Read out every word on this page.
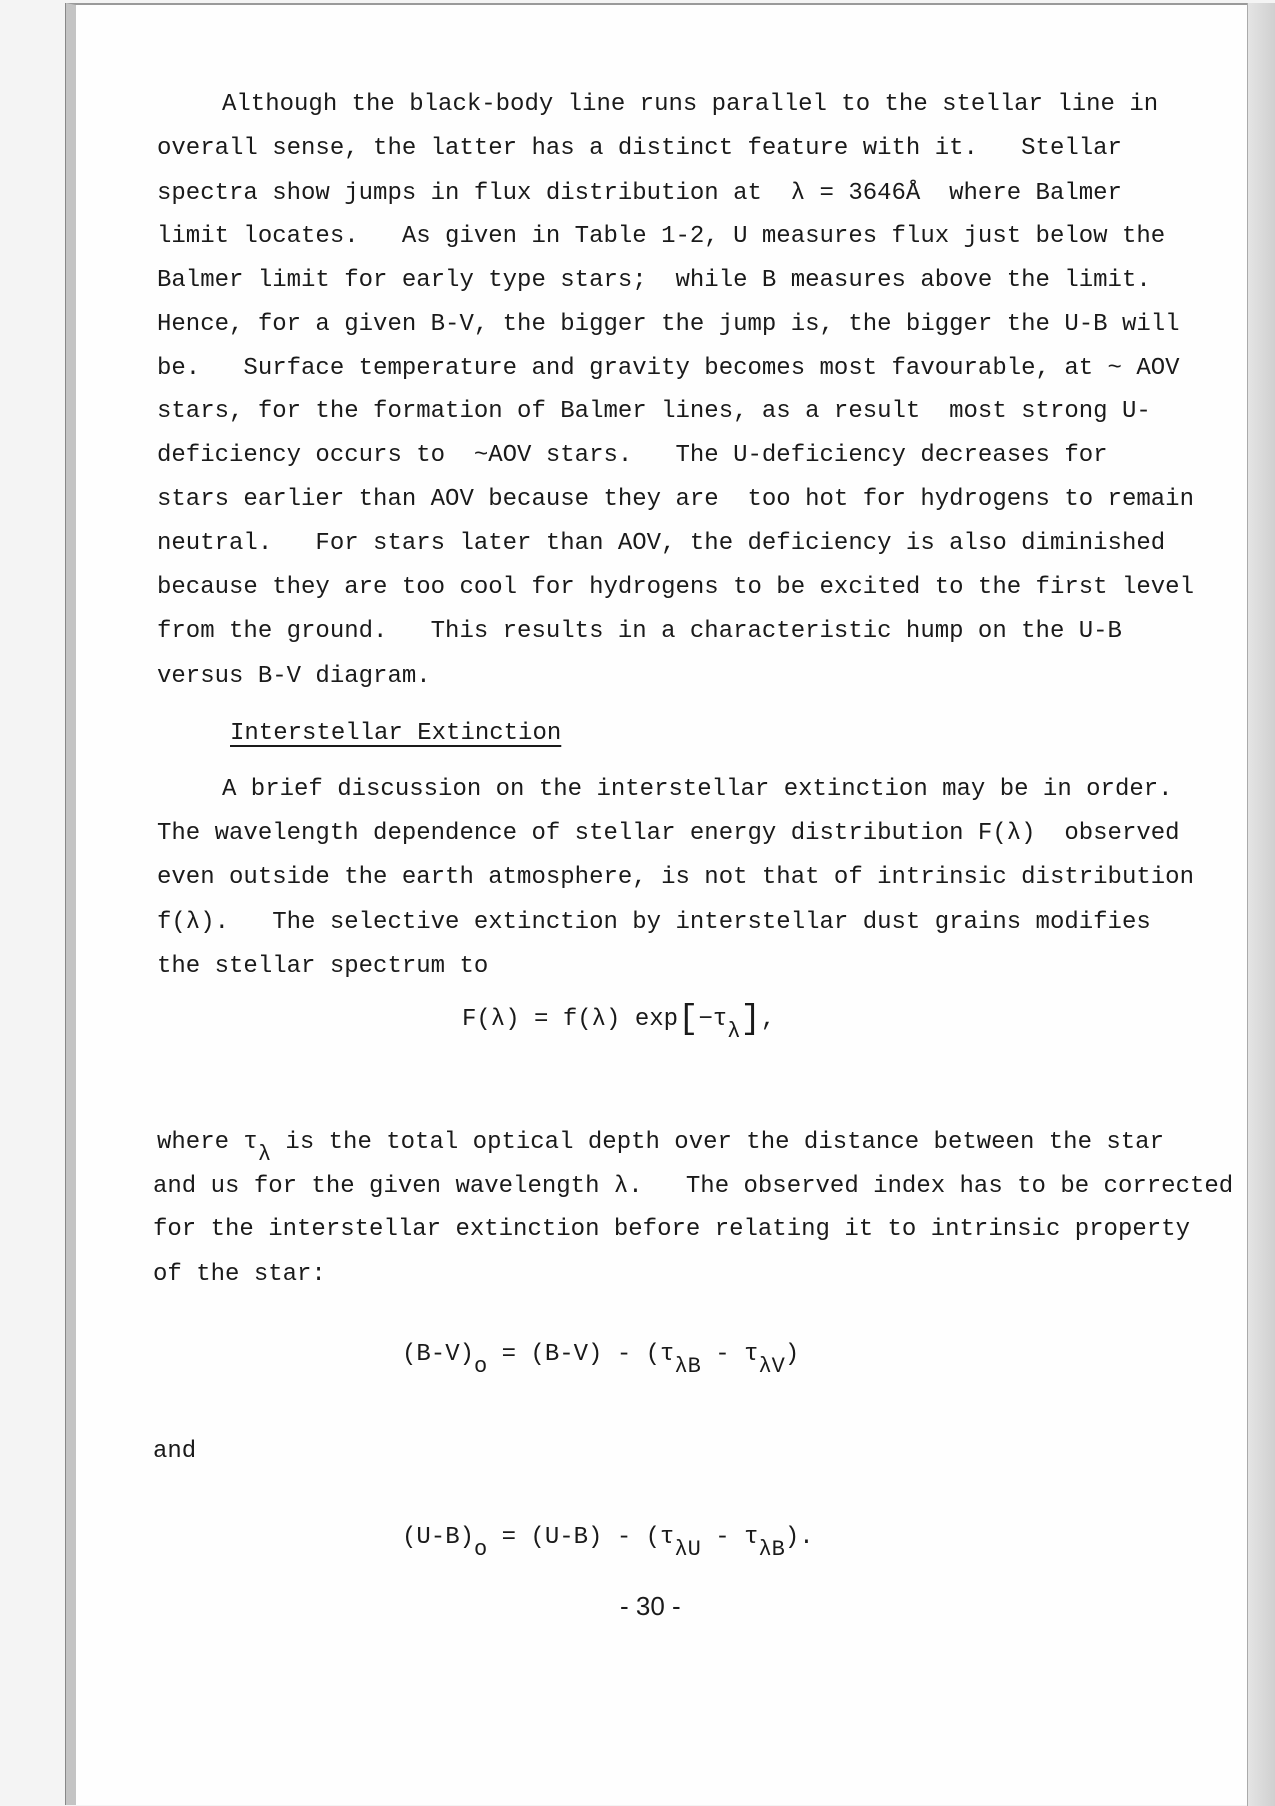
Although the black-body line runs parallel to the stellar line in
overall sense, the latter has a distinct feature with it.   Stellar
spectra show jumps in flux distribution at  λ = 3646Å  where Balmer
limit locates.   As given in Table 1-2, U measures flux just below the
Balmer limit for early type stars;  while B measures above the limit.
Hence, for a given B-V, the bigger the jump is, the bigger the U-B will
be.   Surface temperature and gravity becomes most favourable, at ~ AOV
stars, for the formation of Balmer lines, as a result  most strong U-
deficiency occurs to  ~AOV stars.   The U-deficiency decreases for
stars earlier than AOV because they are  too hot for hydrogens to remain
neutral.   For stars later than AOV, the deficiency is also diminished
because they are too cool for hydrogens to be excited to the first level
from the ground.   This results in a characteristic hump on the U-B
versus B-V diagram.
Interstellar Extinction
A brief discussion on the interstellar extinction may be in order.
The wavelength dependence of stellar energy distribution F(λ)  observed
even outside the earth atmosphere, is not that of intrinsic distribution
f(λ).   The selective extinction by interstellar dust grains modifies
the stellar spectrum to
F(λ) = f(λ) $\exp[-\tau_\lambda]$,
where $\tau_\lambda$ is the total optical depth over the distance between the star
and us for the given wavelength λ.   The observed index has to be corrected
for the interstellar extinction before relating it to intrinsic property
of the star:
$(B-V)_o = (B-V) - (\tau_{\lambda B} - \tau_{\lambda V})$
and
$(U-B)_o = (U-B) - (\tau_{\lambda U} - \tau_{\lambda B})$.
- 30 -
